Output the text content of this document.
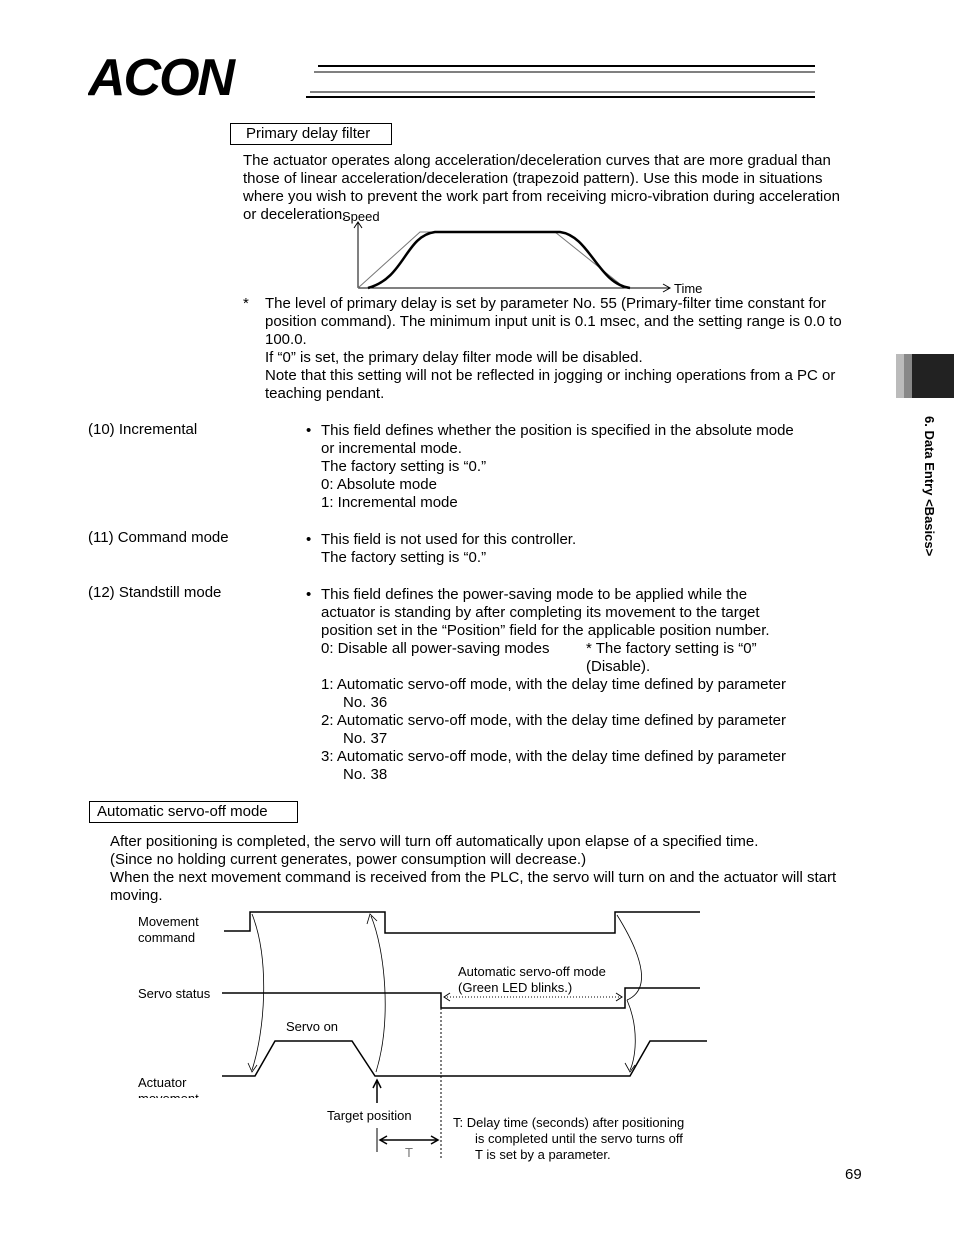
ACON
6. Data Entry <Basics>
Primary delay filter
The actuator operates along acceleration/deceleration curves that are more gradual than
those of linear acceleration/deceleration (trapezoid pattern). Use this mode in situations
where you wish to prevent the work part from receiving micro-vibration during acceleration
or deceleration.
Speed
Time
* The level of primary delay is set by parameter No. 55 (Primary-filter time constant for
position command). The minimum input unit is 0.1 msec, and the setting range is 0.0 to
100.0.
If “0” is set, the primary delay filter mode will be disabled.
Note that this setting will not be reflected in jogging or inching operations from a PC or
teaching pendant.
(10) Incremental	• This field defines whether the position is specified in the absolute mode
or incremental mode.
The factory setting is “0.”
0: Absolute mode
1: Incremental mode
(11) Command mode	• This field is not used for this controller.
The factory setting is “0.”
(12) Standstill mode	• This field defines the power-saving mode to be applied while the
actuator is standing by after completing its movement to the target
position set in the “Position” field for the applicable position number.
0: Disable all power-saving modes * The factory setting is “0”
(Disable).
1: Automatic servo-off mode, with the delay time defined by parameter
No. 36
2: Automatic servo-off mode, with the delay time defined by parameter
No. 37
3: Automatic servo-off mode, with the delay time defined by parameter
No. 38
Automatic servo-off mode
After positioning is completed, the servo will turn off automatically upon elapse of a specified time.
(Since no holding current generates, power consumption will decrease.)
When the next movement command is received from the PLC, the servo will turn on and the actuator will start
moving.
Movement
command
Servo status
Servo on
Actuator
Automatic servo-off mode
(Green LED blinks.)
Target position
T
T: Delay time (seconds) after positioning
is completed until the servo turns off
T is set by a parameter.
69
